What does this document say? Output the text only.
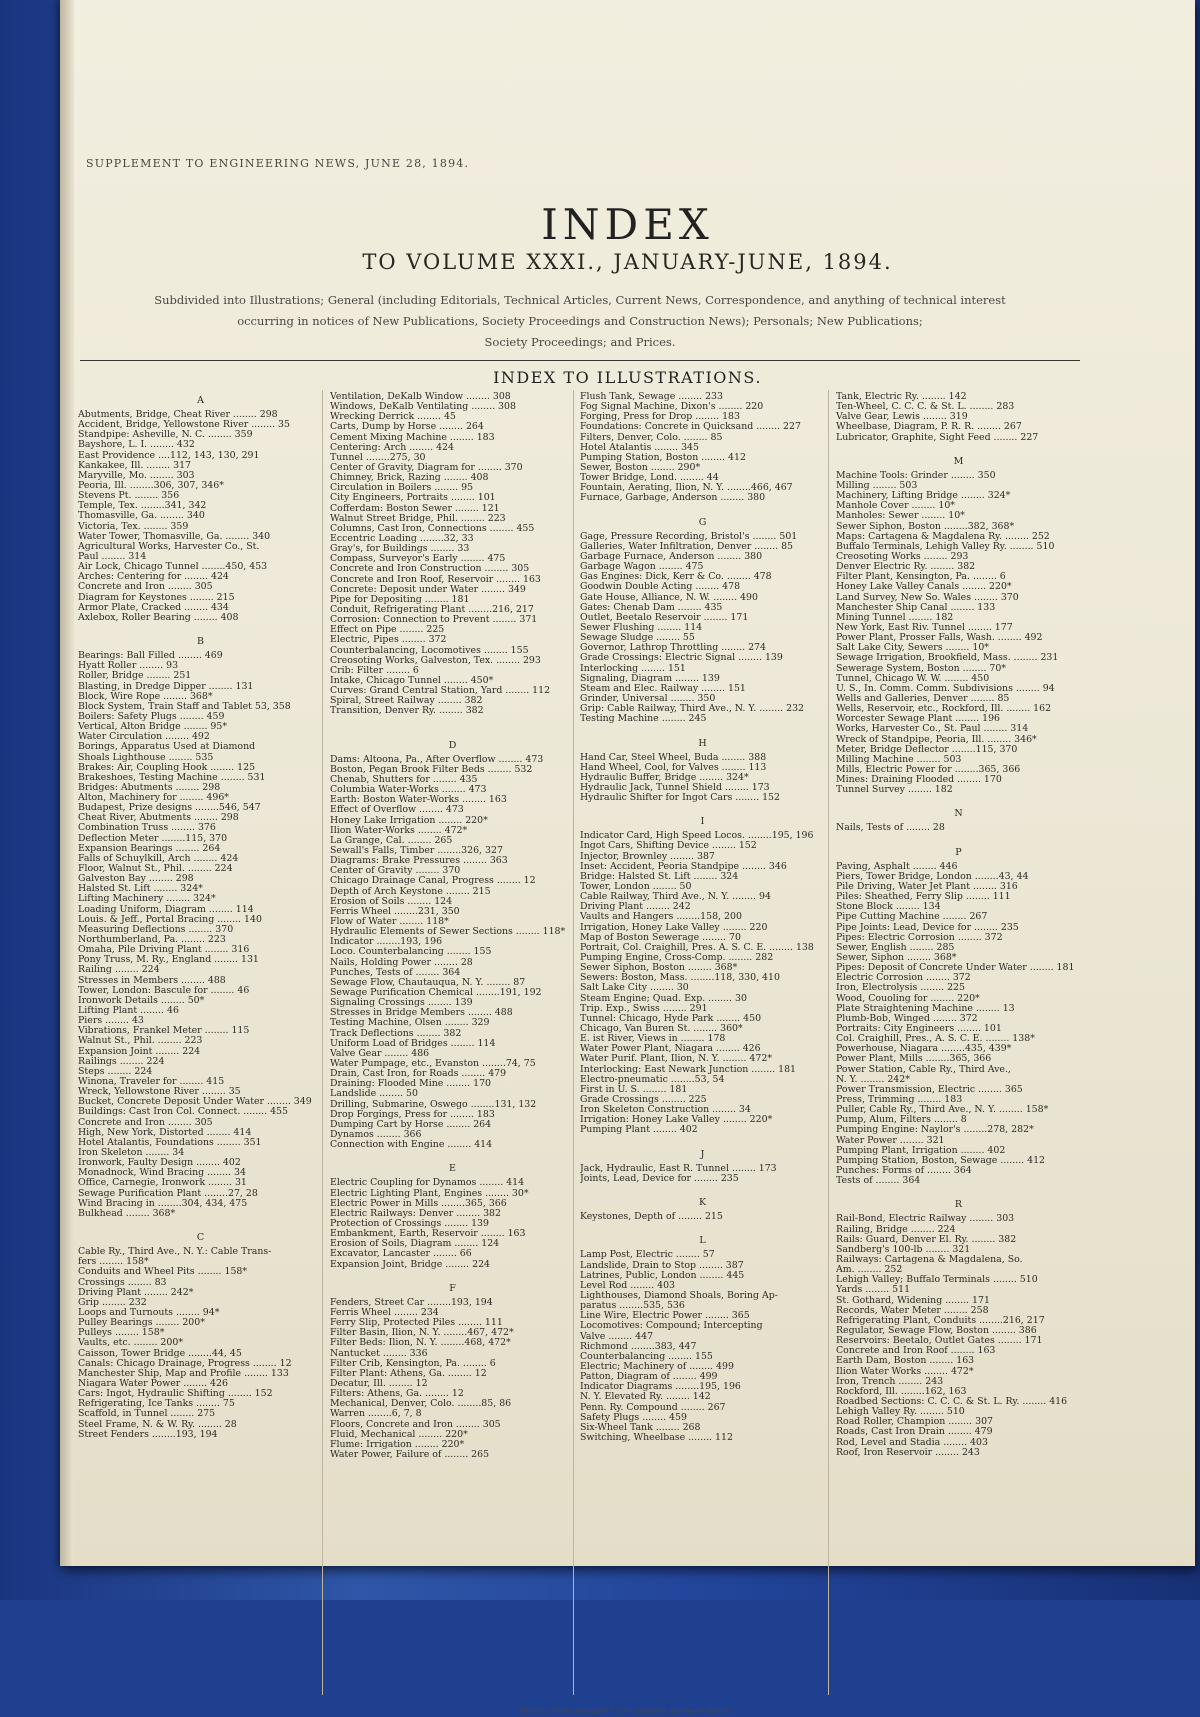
SUPPLEMENT TO ENGINEERING NEWS, JUNE 28, 1894.
INDEX
TO VOLUME XXXI., JANUARY-JUNE, 1894.
Subdivided into Illustrations; General (including Editorials, Technical Articles, Current News, Correspondence, and anything of technical interest
occurring in notices of New Publications, Society Proceedings and Construction News); Personals; New Publications;
Society Proceedings; and Prices.
INDEX TO ILLUSTRATIONS.
A
Abutments, Bridge, Cheat River ........ 298
Accident, Bridge, Yellowstone River ........ 35
Standpipe: Asheville, N. C. ........ 359
Bayshore, L. I. ........ 432
East Providence ....112, 143, 130, 291
Kankakee, Ill. ........ 317
Maryville, Mo. ........ 303
Peoria, Ill. ........306, 307, 346*
Stevens Pt. ........ 356
Temple, Tex. ........341, 342
Thomasville, Ga. ........ 340
Victoria, Tex. ........ 359
Water Tower, Thomasville, Ga. ........ 340
Agricultural Works, Harvester Co., St.
Paul ........ 314
Air Lock, Chicago Tunnel ........450, 453
Arches: Centering for ........ 424
Concrete and Iron ........ 305
Diagram for Keystones ........ 215
Armor Plate, Cracked ........ 434
Axlebox, Roller Bearing ........ 408
B
Bearings: Ball Filled ........ 469
Hyatt Roller ........ 93
Roller, Bridge ........ 251
Blasting, in Dredge Dipper ........ 131
Block, Wire Rope ........ 368*
Block System, Train Staff and Tablet 53, 358
Boilers: Safety Plugs ........ 459
Vertical, Alton Bridge ........ 95*
Water Circulation ........ 492
Borings, Apparatus Used at Diamond
Shoals Lighthouse ........ 535
Brakes: Air, Coupling Hook ........ 125
Brakeshoes, Testing Machine ........ 531
Bridges: Abutments ........ 298
Alton, Machinery for ........ 496*
Budapest, Prize designs ........546, 547
Cheat River, Abutments ........ 298
Combination Truss ........ 376
Deflection Meter ........115, 370
Expansion Bearings ........ 264
Falls of Schuylkill, Arch ........ 424
Floor, Walnut St., Phil. ........ 224
Galveston Bay ........ 298
Halsted St. Lift ........ 324*
Lifting Machinery ........ 324*
Loading Uniform, Diagram ........ 114
Louis. & Jeff., Portal Bracing ........ 140
Measuring Deflections ........ 370
Northumberland, Pa. ........ 223
Omaha, Pile Driving Plant ........ 316
Pony Truss, M. Ry., England ........ 131
Railing ........ 224
Stresses in Members ........ 488
Tower, London: Bascule for ........ 46
Ironwork Details ........ 50*
Lifting Plant ........ 46
Piers ........ 43
Vibrations, Frankel Meter ........ 115
Walnut St., Phil. ........ 223
Expansion Joint ........ 224
Railings ........ 224
Steps ........ 224
Winona, Traveler for ........ 415
Wreck, Yellowstone River ........ 35
Bucket, Concrete Deposit Under Water ........ 349
Buildings: Cast Iron Col. Connect. ........ 455
Concrete and Iron ........ 305
High, New York, Distorted ........ 414
Hotel Atalantis, Foundations ........ 351
Iron Skeleton ........ 34
Ironwork, Faulty Design ........ 402
Monadnock, Wind Bracing ........ 34
Office, Carnegie, Ironwork ........ 31
Sewage Purification Plant ........27, 28
Wind Bracing in ........304, 434, 475
Bulkhead ........ 368*
C
Cable Ry., Third Ave., N. Y.: Cable Trans-
fers ........ 158*
Conduits and Wheel Pits ........ 158*
Crossings ........ 83
Driving Plant ........ 242*
Grip ........ 232
Loops and Turnouts ........ 94*
Pulley Bearings ........ 200*
Pulleys ........ 158*
Vaults, etc. ........ 200*
Caisson, Tower Bridge ........44, 45
Canals: Chicago Drainage, Progress ........ 12
Manchester Ship, Map and Profile ........ 133
Niagara Water Power ........ 426
Cars: Ingot, Hydraulic Shifting ........ 152
Refrigerating, Ice Tanks ........ 75
Scaffold, in Tunnel ........ 275
Steel Frame, N. & W. Ry. ........ 28
Street Fenders ........193, 194
Ventilation, DeKalb Window ........ 308
Windows, DeKalb Ventilating ........ 308
Wrecking Derrick ........ 45
Carts, Dump by Horse ........ 264
Cement Mixing Machine ........ 183
Centering: Arch ........ 424
Tunnel ........275, 30
Center of Gravity, Diagram for ........ 370
Chimney, Brick, Razing ........ 408
Circulation in Boilers ........ 95
City Engineers, Portraits ........ 101
Cofferdam: Boston Sewer ........ 121
Walnut Street Bridge, Phil. ........ 223
Columns, Cast Iron, Connections ........ 455
Eccentric Loading ........32, 33
Gray's, for Buildings ........ 33
Compass, Surveyor's Early ........ 475
Concrete and Iron Construction ........ 305
Concrete and Iron Roof, Reservoir ........ 163
Concrete: Deposit under Water ........ 349
Pipe for Depositing ........ 181
Conduit, Refrigerating Plant ........216, 217
Corrosion: Connection to Prevent ........ 371
Effect on Pipe ........ 225
Electric, Pipes ........ 372
Counterbalancing, Locomotives ........ 155
Creosoting Works, Galveston, Tex. ........ 293
Crib: Filter ........ 6
Intake, Chicago Tunnel ........ 450*
Curves: Grand Central Station, Yard ........ 112
Spiral, Street Railway ........ 382
Transition, Denver Ry. ........ 382
D
Dams: Altoona, Pa., After Overflow ........ 473
Boston, Pegan Brook Filter Beds ........ 532
Chenab, Shutters for ........ 435
Columbia Water-Works ........ 473
Earth: Boston Water-Works ........ 163
Effect of Overflow ........ 473
Honey Lake Irrigation ........ 220*
Ilion Water-Works ........ 472*
La Grange, Cal. ........ 265
Sewall's Falls, Timber ........326, 327
Diagrams: Brake Pressures ........ 363
Center of Gravity ........ 370
Chicago Drainage Canal, Progress ........ 12
Depth of Arch Keystone ........ 215
Erosion of Soils ........ 124
Ferris Wheel ........231, 350
Flow of Water ........ 118*
Hydraulic Elements of Sewer Sections ........ 118*
Indicator ........193, 196
Loco. Counterbalancing ........ 155
Nails, Holding Power ........ 28
Punches, Tests of ........ 364
Sewage Flow, Chautauqua, N. Y. ........ 87
Sewage Purification Chemical ........191, 192
Signaling Crossings ........ 139
Stresses in Bridge Members ........ 488
Testing Machine, Olsen ........ 329
Track Deflections ........ 382
Uniform Load of Bridges ........ 114
Valve Gear ........ 486
Water Pumpage, etc., Evanston ........74, 75
Drain, Cast Iron, for Roads ........ 479
Draining: Flooded Mine ........ 170
Landslide ........ 50
Drilling, Submarine, Oswego ........131, 132
Drop Forgings, Press for ........ 183
Dumping Cart by Horse ........ 264
Dynamos ........ 366
Connection with Engine ........ 414
E
Electric Coupling for Dynamos ........ 414
Electric Lighting Plant, Engines ........ 30*
Electric Power in Mills ........365, 366
Electric Railways: Denver ........ 382
Protection of Crossings ........ 139
Embankment, Earth, Reservoir ........ 163
Erosion of Soils, Diagram ........ 124
Excavator, Lancaster ........ 66
Expansion Joint, Bridge ........ 224
F
Fenders, Street Car ........193, 194
Ferris Wheel ........ 234
Ferry Slip, Protected Piles ........ 111
Filter Basin, Ilion, N. Y. ........467, 472*
Filter Beds: Ilion, N. Y. ........468, 472*
Nantucket ........ 336
Filter Crib, Kensington, Pa. ........ 6
Filter Plant: Athens, Ga. ........ 12
Decatur, Ill. ........ 12
Filters: Athens, Ga. ........ 12
Mechanical, Denver, Colo. ........85, 86
Warren ........6, 7, 8
Floors, Concrete and Iron ........ 305
Fluid, Mechanical ........ 220*
Flume: Irrigation ........ 220*
Water Power, Failure of ........ 265
Flush Tank, Sewage ........ 233
Fog Signal Machine, Dixon's ........ 220
Forging, Press for Drop ........ 183
Foundations: Concrete in Quicksand ........ 227
Filters, Denver, Colo. ........ 85
Hotel Atalantis ........ 345
Pumping Station, Boston ........ 412
Sewer, Boston ........ 290*
Tower Bridge, Lond. ........ 44
Fountain, Aerating, Ilion, N. Y. ........466, 467
Furnace, Garbage, Anderson ........ 380
G
Gage, Pressure Recording, Bristol's ........ 501
Galleries, Water Infiltration, Denver ........ 85
Garbage Furnace, Anderson ........ 380
Garbage Wagon ........ 475
Gas Engines: Dick, Kerr & Co. ........ 478
Goodwin Double Acting ........ 478
Gate House, Alliance, N. W. ........ 490
Gates: Chenab Dam ........ 435
Outlet, Beetalo Reservoir ........ 171
Sewer Flushing ........ 114
Sewage Sludge ........ 55
Governor, Lathrop Throttling ........ 274
Grade Crossings: Electric Signal ........ 139
Interlocking ........ 151
Signaling, Diagram ........ 139
Steam and Elec. Railway ........ 151
Grinder, Universal ........ 350
Grip: Cable Railway, Third Ave., N. Y. ........ 232
Testing Machine ........ 245
H
Hand Car, Steel Wheel, Buda ........ 388
Hand Wheel, Cool, for Valves ........ 113
Hydraulic Buffer, Bridge ........ 324*
Hydraulic Jack, Tunnel Shield ........ 173
Hydraulic Shifter for Ingot Cars ........ 152
I
Indicator Card, High Speed Locos. ........195, 196
Ingot Cars, Shifting Device ........ 152
Injector, Brownley ........ 387
Inset: Accident, Peoria Standpipe ........ 346
Bridge: Halsted St. Lift ........ 324
Tower, London ........ 50
Cable Railway, Third Ave., N. Y. ........ 94
Driving Plant ........ 242
Vaults and Hangers ........158, 200
Irrigation, Honey Lake Valley ........ 220
Map of Boston Sewerage ........ 70
Portrait, Col. Craighill, Pres. A. S. C. E. ........ 138
Pumping Engine, Cross-Comp. ........ 282
Sewer Siphon, Boston ........ 368*
Sewers: Boston, Mass. ........118, 330, 410
Salt Lake City ........ 30
Steam Engine; Quad. Exp. ........ 30
Trip. Exp., Swiss ........ 291
Tunnel: Chicago, Hyde Park ........ 450
Chicago, Van Buren St. ........ 360*
E. ist River, Views in ........ 178
Water Power Plant, Niagara ........ 426
Water Purif. Plant, Ilion, N. Y. ........ 472*
Interlocking: East Newark Junction ........ 181
Electro-pneumatic ........53, 54
First in U. S. ........ 181
Grade Crossings ........ 225
Iron Skeleton Construction ........ 34
Irrigation: Honey Lake Valley ........ 220*
Pumping Plant ........ 402
J
Jack, Hydraulic, East R. Tunnel ........ 173
Joints, Lead, Device for ........ 235
K
Keystones, Depth of ........ 215
L
Lamp Post, Electric ........ 57
Landslide, Drain to Stop ........ 387
Latrines, Public, London ........ 445
Level Rod ........ 403
Lighthouses, Diamond Shoals, Boring Ap-
paratus ........535, 536
Line Wire, Electric Power ........ 365
Locomotives: Compound; Intercepting
Valve ........ 447
Richmond ........383, 447
Counterbalancing ........ 155
Electric; Machinery of ........ 499
Patton, Diagram of ........ 499
Indicator Diagrams ........195, 196
N. Y. Elevated Ry. ........ 142
Penn. Ry. Compound ........ 267
Safety Plugs ........ 459
Six-Wheel Tank ........ 268
Switching, Wheelbase ........ 112
Tank, Electric Ry. ........ 142
Ten-Wheel, C. C. C. & St. L. ........ 283
Valve Gear, Lewis ........ 319
Wheelbase, Diagram, P. R. R. ........ 267
Lubricator, Graphite, Sight Feed ........ 227
M
Machine Tools: Grinder ........ 350
Milling ........ 503
Machinery, Lifting Bridge ........ 324*
Manhole Cover ........ 10*
Manholes: Sewer ........ 10*
Sewer Siphon, Boston ........382, 368*
Maps: Cartagena & Magdalena Ry. ........ 252
Buffalo Terminals, Lehigh Valley Ry. ........ 510
Creosoting Works ........ 293
Denver Electric Ry. ........ 382
Filter Plant, Kensington, Pa. ........ 6
Honey Lake Valley Canals ........ 220*
Land Survey, New So. Wales ........ 370
Manchester Ship Canal ........ 133
Mining Tunnel ........ 182
New York, East Riv. Tunnel ........ 177
Power Plant, Prosser Falls, Wash. ........ 492
Salt Lake City, Sewers ........ 10*
Sewage Irrigation, Brookfield, Mass. ........ 231
Sewerage System, Boston ........ 70*
Tunnel, Chicago W. W. ........ 450
U. S., In. Comm. Comm. Subdivisions ........ 94
Wells and Galleries, Denver ........ 85
Wells, Reservoir, etc., Rockford, Ill. ........ 162
Worcester Sewage Plant ........ 196
Works, Harvester Co., St. Paul ........ 314
Wreck of Standpipe, Peoria, Ill. ........ 346*
Meter, Bridge Deflector ........115, 370
Milling Machine ........ 503
Mills, Electric Power for ........365, 366
Mines: Draining Flooded ........ 170
Tunnel Survey ........ 182
N
Nails, Tests of ........ 28
P
Paving, Asphalt ........ 446
Piers, Tower Bridge, London ........43, 44
Pile Driving, Water Jet Plant ........ 316
Piles: Sheathed, Ferry Slip ........ 111
Stone Block ........ 134
Pipe Cutting Machine ........ 267
Pipe Joints: Lead, Device for ........ 235
Pipes: Electric Corrosion ........ 372
Sewer, English ........ 285
Sewer, Siphon ........ 368*
Pipes: Deposit of Concrete Under Water ........ 181
Electric Corrosion ........ 372
Iron, Electrolysis ........ 225
Wood, Couoling for ........ 220*
Plate Straightening Machine ........ 13
Plumb-Bob, Winged ........ 372
Portraits: City Engineers ........ 101
Col. Craighill, Pres., A. S. C. E. ........ 138*
Powerhouse, Niagara ........435, 439*
Power Plant, Mills ........365, 366
Power Station, Cable Ry., Third Ave.,
N. Y. ........ 242*
Power Transmission, Electric ........ 365
Press, Trimming ........ 183
Puller, Cable Ry., Third Ave., N. Y. ........ 158*
Pump, Alum, Filters ........ 8
Pumping Engine: Naylor's ........278, 282*
Water Power ........ 321
Pumping Plant, Irrigation ........ 402
Pumping Station, Boston, Sewage ........ 412
Punches: Forms of ........ 364
Tests of ........ 364
R
Rail-Bond, Electric Railway ........ 303
Railing, Bridge ........ 224
Rails: Guard, Denver El. Ry. ........ 382
Sandberg's 100-lb ........ 321
Railways: Cartagena & Magdalena, So.
Am. ........ 252
Lehigh Valley; Buffalo Terminals ........ 510
Yards ........ 511
St. Gothard, Widening ........ 171
Records, Water Meter ........ 258
Refrigerating Plant, Conduits ........216, 217
Regulator, Sewage Flow, Boston ........ 386
Reservoirs: Beetalo, Outlet Gates ........ 171
Concrete and Iron Roof ........ 163
Earth Dam, Boston ........ 163
Ilion Water Works ........ 472*
Iron, Trench ........ 243
Rockford, Ill. ........162, 163
Roadbed Sections: C. C. C. & St. L. Ry. ........ 416
Lehigh Valley Ry. ........ 510
Road Roller, Champion ........ 307
Roads, Cast Iron Drain ........ 479
Rod, Level and Stadia ........ 403
Roof, Iron Reservoir ........ 243
Illustrations marked * are printed on inset sheets.
